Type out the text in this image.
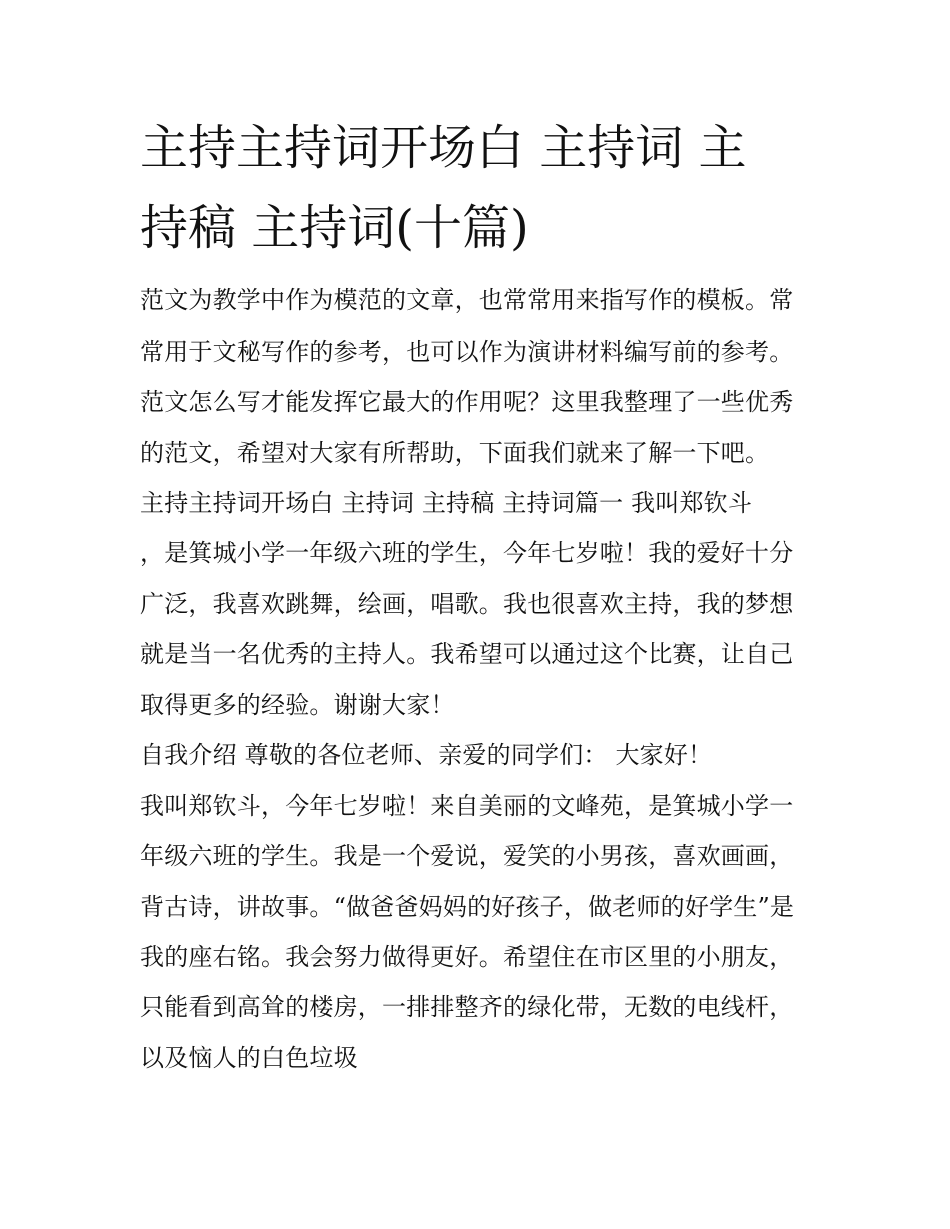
主持主持词开场白 主持词 主
持稿 主持词(十篇)
范文为教学中作为模范的文章，也常常用来指写作的模板。常
常用于文秘写作的参考，也可以作为演讲材料编写前的参考。
范文怎么写才能发挥它最大的作用呢？这里我整理了一些优秀
的范文，希望对大家有所帮助，下面我们就来了解一下吧。
主持主持词开场白 主持词 主持稿 主持词篇一 我叫郑钦斗
，是箕城小学一年级六班的学生，今年七岁啦！我的爱好十分
广泛，我喜欢跳舞，绘画，唱歌。我也很喜欢主持，我的梦想
就是当一名优秀的主持人。我希望可以通过这个比赛，让自己
取得更多的经验。谢谢大家！
自我介绍 尊敬的各位老师、亲爱的同学们： 大家好！
我叫郑钦斗，今年七岁啦！来自美丽的文峰苑，是箕城小学一
年级六班的学生。我是一个爱说，爱笑的小男孩，喜欢画画，
背古诗，讲故事。“做爸爸妈妈的好孩子，做老师的好学生”是
我的座右铭。我会努力做得更好。希望住在市区里的小朋友，
只能看到高耸的楼房，一排排整齐的绿化带，无数的电线杆，
以及恼人的白色垃圾
